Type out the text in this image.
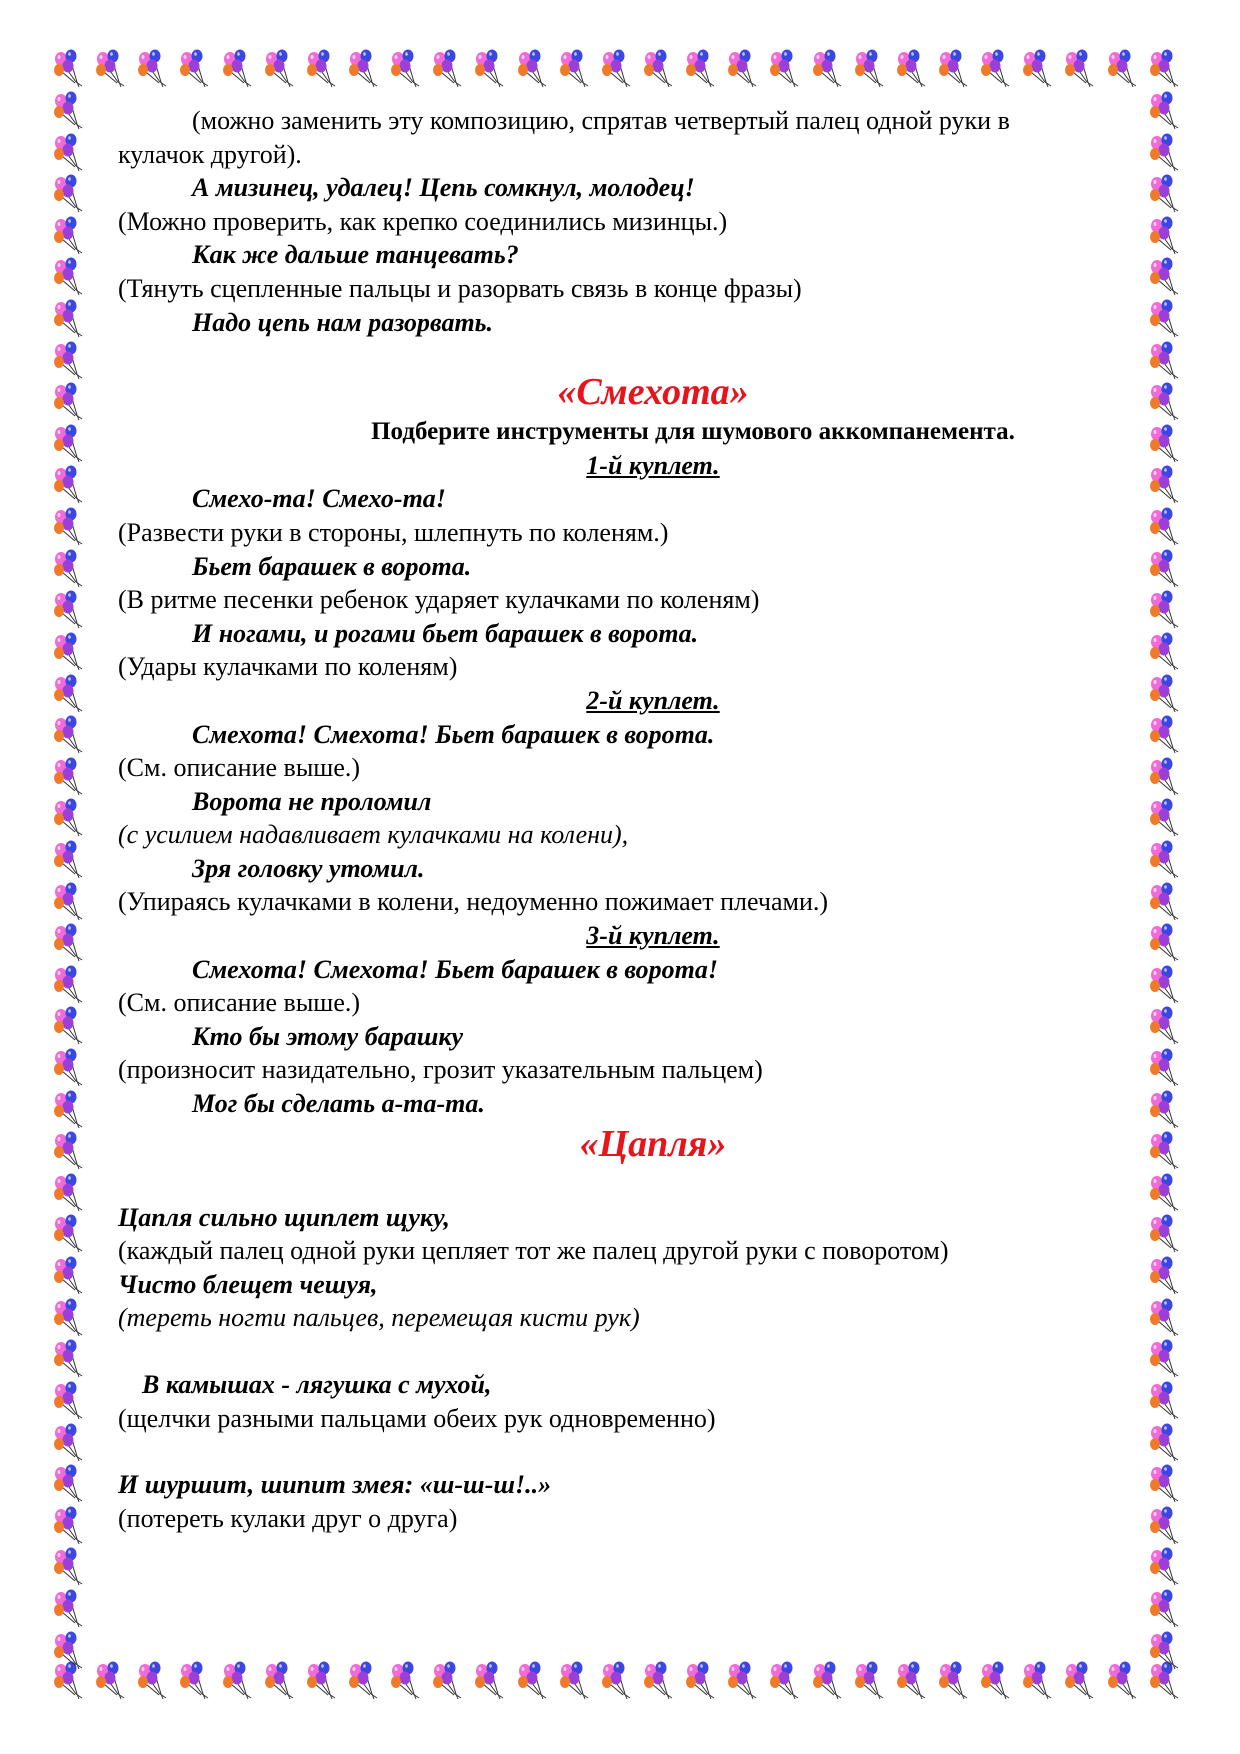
(можно заменить эту композицию, спрятав четвертый палец одной руки в

кулачок другой).

А мизинец, удалец! Цепь сомкнул, молодец!

(Можно проверить, как крепко соединились мизинцы.)

Как же дальше танцевать?

(Тянуть сцепленные пальцы и разорвать связь в конце фразы)

Надо цепь нам разорвать.

«Смехота»

Подберите инструменты для шумового аккомпанемента.

1-й куплет.

Смехо-та! Смехо-та!

(Развести руки в стороны, шлепнуть по коленям.)

Бьет барашек в ворота.

(В ритме песенки ребенок ударяет кулачками по коленям)

И ногами, и рогами бьет барашек в ворота.

(Удары кулачками по коленям)

2-й куплет.

Смехота! Смехота! Бьет барашек в ворота.

(См. описание выше.)

Ворота не проломил

(с усилием надавливает кулачками на колени),

Зря головку утомил.

(Упираясь кулачками в колени, недоуменно пожимает плечами.)

3-й куплет.

Смехота! Смехота! Бьет барашек в ворота!

(См. описание выше.)

Кто бы этому барашку

(произносит назидательно, грозит указательным пальцем)

Мог бы сделать а-та-та.

«Цапля»

Цапля сильно щиплет щуку,

(каждый палец одной руки цепляет тот же палец другой руки с поворотом)

Чисто блещет чешуя,

(тереть ногти пальцев, перемещая кисти рук)

В камышах - лягушка с мухой,

(щелчки разными пальцами обеих рук одновременно)

И шуршит, шипит змея: «ш-ш-ш!..»

(потереть кулаки друг о друга)
